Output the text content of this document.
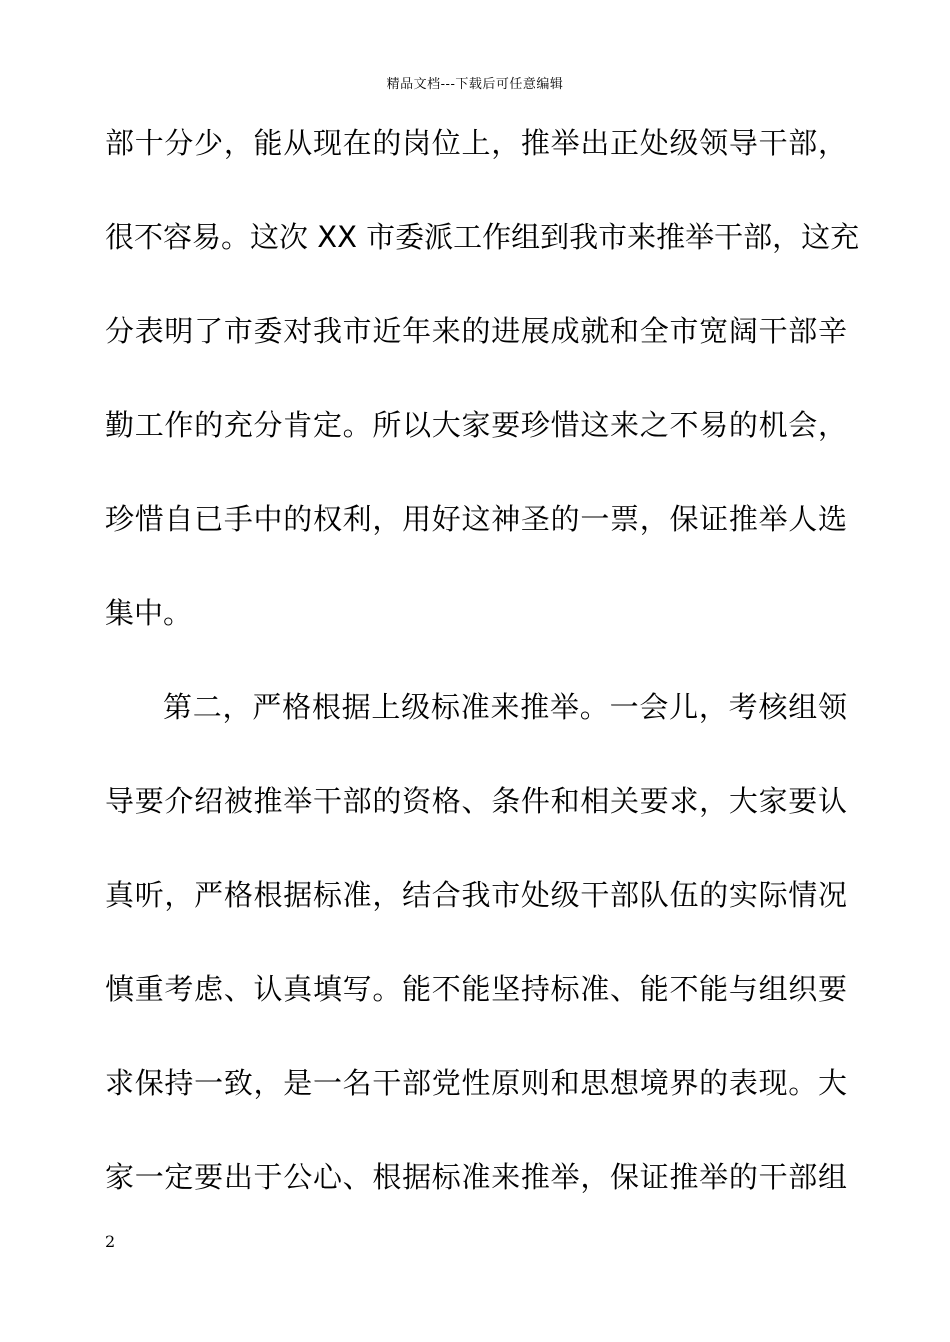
精品文档---下载后可任意编辑
部十分少，能从现在的岗位上，推举出正处级领导干部，
很不容易。这次 XX 市委派工作组到我市来推举干部，这充
分表明了市委对我市近年来的进展成就和全市宽阔干部辛
勤工作的充分肯定。所以大家要珍惜这来之不易的机会，
珍惜自已手中的权利，用好这神圣的一票，保证推举人选
集中。
第二，严格根据上级标准来推举。一会儿，考核组领
导要介绍被推举干部的资格、条件和相关要求，大家要认
真听，严格根据标准，结合我市处级干部队伍的实际情况
慎重考虑、认真填写。能不能坚持标准、能不能与组织要
求保持一致，是一名干部党性原则和思想境界的表现。大
家一定要出于公心、根据标准来推举，保证推举的干部组
2
